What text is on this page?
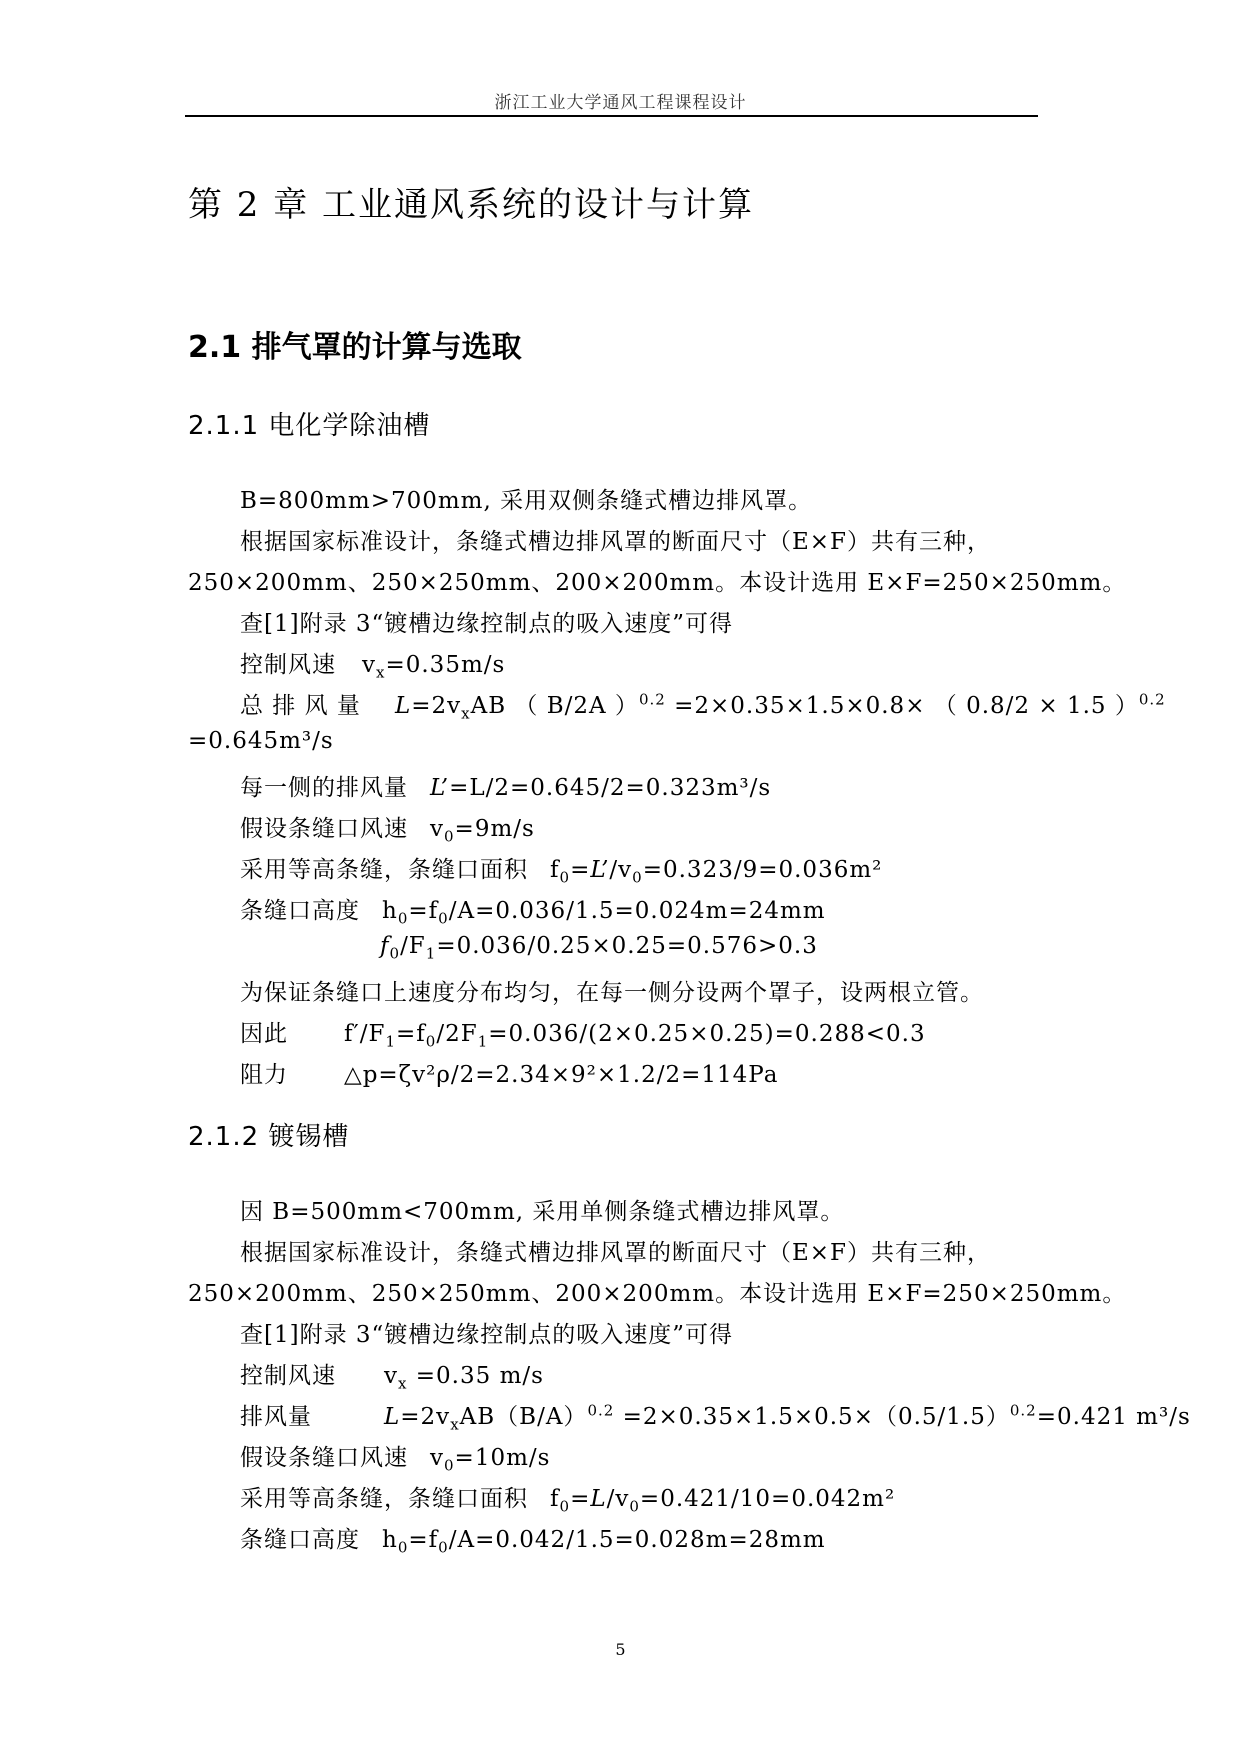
浙江工业大学通风工程课程设计
第 2 章 工业通风系统的设计与计算
2.1 排气罩的计算与选取
2.1.1 电化学除油槽
B=800mm>700mm, 采用双侧条缝式槽边排风罩。
根据国家标准设计，条缝式槽边排风罩的断面尺寸（E×F）共有三种，
250×200mm、250×250mm、200×200mm。本设计选用 E×F=250×250mm。
查[1]附录 3“镀槽边缘控制点的吸入速度”可得
控制风速 $v_x=0.35m/s$
总 排 风 量 $L=2v_xAB$ （ B/2A ）$^{0.2}$ =2×0.35×1.5×0.8× （ 0.8/2 × 1.5 ）$^{0.2}$
=0.645m³/s
每一侧的排风量 L’=L/2=0.645/2=0.323m³/s
假设条缝口风速 $v_0=9m/s$
采用等高条缝，条缝口面积 $f_0=L’/v_0=0.323/9=0.036m^2$
条缝口高度 $h_0=f_0/A=0.036/1.5=0.024m=24mm$
$f_0/F_1=0.036/0.25\times 0.25=0.576>0.3$
为保证条缝口上速度分布均匀，在每一侧分设两个罩子，设两根立管。
因此 $f'/F_1=f_0/2F_1=0.036/(2\times 0.25\times 0.25)=0.288<0.3$
阻力 △p=ζv²ρ/2=2.34×9²×1.2/2=114Pa
2.1.2 镀锡槽
因 B=500mm<700mm, 采用单侧条缝式槽边排风罩。
根据国家标准设计，条缝式槽边排风罩的断面尺寸（E×F）共有三种，
250×200mm、250×250mm、200×200mm。本设计选用 E×F=250×250mm。
查[1]附录 3“镀槽边缘控制点的吸入速度”可得
控制风速 $v_x =0.35$ m/s
排风量	$L=2v_xAB(B/A)^{0.2} =2\times 0.35\times 1.5\times 0.5\times(0.5/1.5)^{0.2}=0.421$ m³/s
假设条缝口风速 $v_0=10m/s$
采用等高条缝，条缝口面积 $f_0=L/v_0=0.421/10=0.042m^2$
条缝口高度 $h_0=f_0/A=0.042/1.5=0.028m=28mm$
5
